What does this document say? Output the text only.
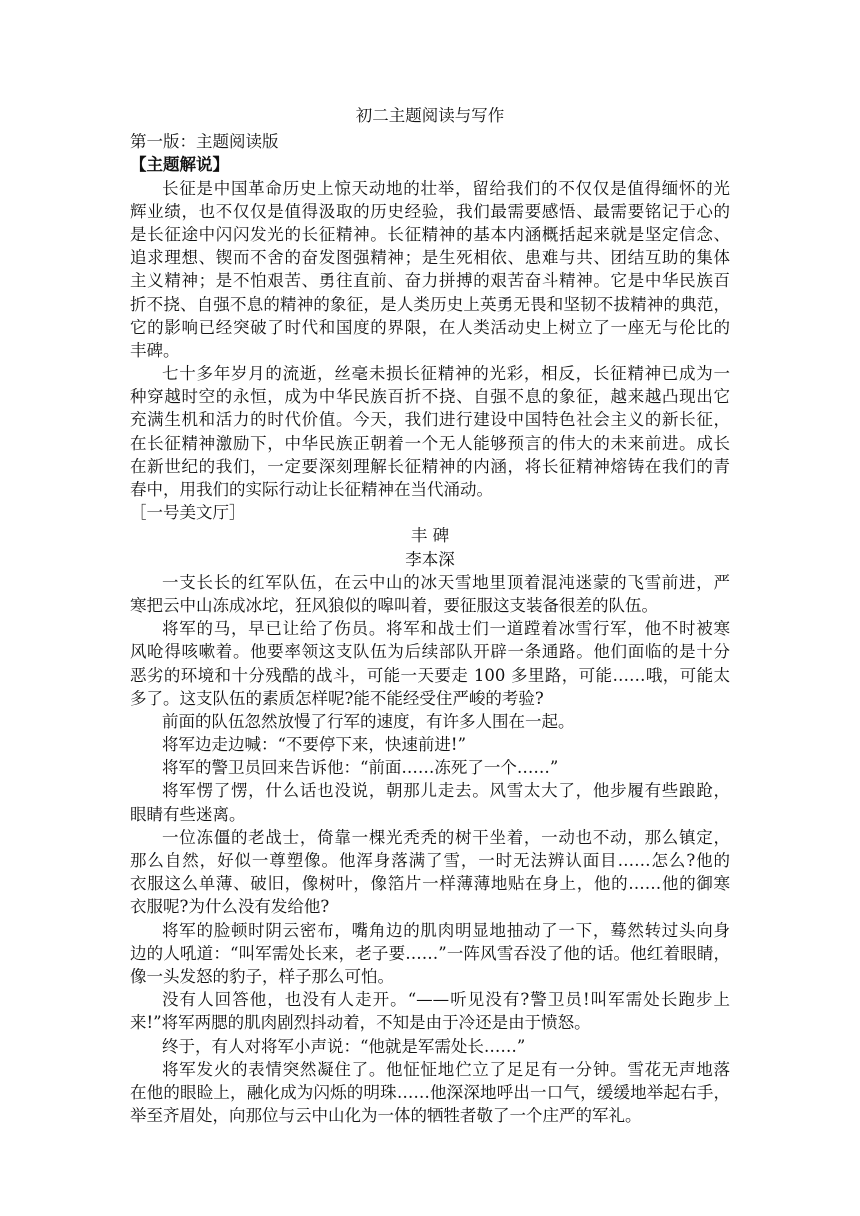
初二主题阅读与写作
第一版：主题阅读版
【主题解说】
长征是中国革命历史上惊天动地的壮举，留给我们的不仅仅是值得缅怀的光
辉业绩，也不仅仅是值得汲取的历史经验，我们最需要感悟、最需要铭记于心的
是长征途中闪闪发光的长征精神。长征精神的基本内涵概括起来就是坚定信念、
追求理想、锲而不舍的奋发图强精神；是生死相依、患难与共、团结互助的集体
主义精神；是不怕艰苦、勇往直前、奋力拼搏的艰苦奋斗精神。它是中华民族百
折不挠、自强不息的精神的象征，是人类历史上英勇无畏和坚韧不拔精神的典范，
它的影响已经突破了时代和国度的界限，在人类活动史上树立了一座无与伦比的
丰碑。
七十多年岁月的流逝，丝毫未损长征精神的光彩，相反，长征精神已成为一
种穿越时空的永恒，成为中华民族百折不挠、自强不息的象征，越来越凸现出它
充满生机和活力的时代价值。今天，我们进行建设中国特色社会主义的新长征，
在长征精神激励下，中华民族正朝着一个无人能够预言的伟大的未来前进。成长
在新世纪的我们，一定要深刻理解长征精神的内涵，将长征精神熔铸在我们的青
春中，用我们的实际行动让长征精神在当代涌动。
［一号美文厅］
丰 碑
李本深
一支长长的红军队伍，在云中山的冰天雪地里顶着混沌迷蒙的飞雪前进，严
寒把云中山冻成冰坨，狂风狼似的嗥叫着，要征服这支装备很差的队伍。
将军的马，早已让给了伤员。将军和战士们一道蹚着冰雪行军，他不时被寒
风呛得咳嗽着。他要率领这支队伍为后续部队开辟一条通路。他们面临的是十分
恶劣的环境和十分残酷的战斗，可能一天要走 100 多里路，可能……哦，可能太
多了。这支队伍的素质怎样呢?能不能经受住严峻的考验?
前面的队伍忽然放慢了行军的速度，有许多人围在一起。
将军边走边喊：“不要停下来，快速前进!”
将军的警卫员回来告诉他：“前面……冻死了一个……”
将军愣了愣，什么话也没说，朝那儿走去。风雪太大了，他步履有些踉跄，
眼睛有些迷离。
一位冻僵的老战士，倚靠一棵光秃秃的树干坐着，一动也不动，那么镇定，
那么自然，好似一尊塑像。他浑身落满了雪，一时无法辨认面目……怎么?他的
衣服这么单薄、破旧，像树叶，像箔片一样薄薄地贴在身上，他的……他的御寒
衣服呢?为什么没有发给他?
将军的脸顿时阴云密布，嘴角边的肌肉明显地抽动了一下，蓦然转过头向身
边的人吼道：“叫军需处长来，老子要……”一阵风雪吞没了他的话。他红着眼睛，
像一头发怒的豹子，样子那么可怕。
没有人回答他，也没有人走开。“——听见没有?警卫员!叫军需处长跑步上
来!”将军两腮的肌肉剧烈抖动着，不知是由于冷还是由于愤怒。
终于，有人对将军小声说：“他就是军需处长……”
将军发火的表情突然凝住了。他怔怔地伫立了足足有一分钟。雪花无声地落
在他的眼睑上，融化成为闪烁的明珠……他深深地呼出一口气，缓缓地举起右手，
举至齐眉处，向那位与云中山化为一体的牺牲者敬了一个庄严的军礼。
